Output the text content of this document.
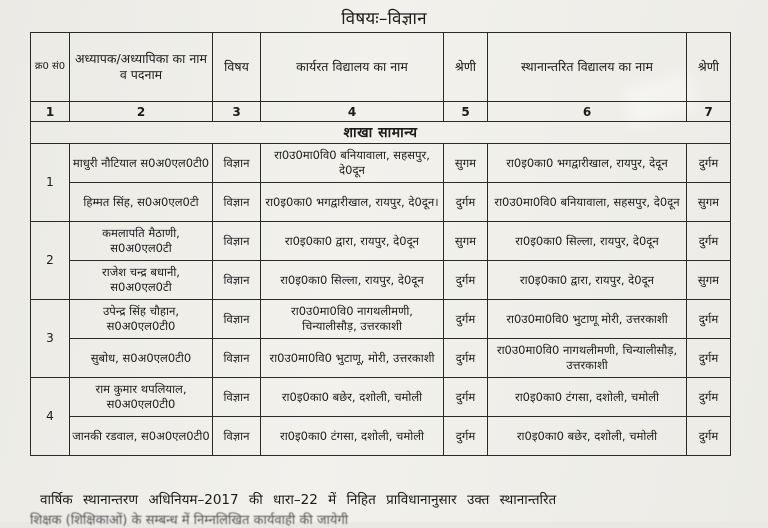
विषयः–विज्ञान
क्र0 सं0	अध्यापक/अध्यापिका का नाम व पदनाम	विषय	कार्यरत विद्यालय का नाम	श्रेणी	स्थानान्तरित विद्यालय का नाम	श्रेणी
1	2	3	4	5	6	7
शाखा सामान्य						
1	माधुरी नौटियाल स0अ0एल0टी0	विज्ञान	रा0उ0मा0वि0 बनियावाला, सहसपुर, दे0दून	सुगम	रा0इ0का0 भगद्वारीखाल, रायपुर, देदून	दुर्गम
	हिम्मत सिंह, स0अ0एल0टी	विज्ञान	रा0इ0का0 भगद्वारीखाल, रायपुर, दे0दून।	दुर्गम	रा0उ0मा0वि0 बनियावाला, सहसपुर, दे0दून	सुगम
2	कमलापति मैठाणी, स0अ0एल0टी	विज्ञान	रा0इ0का0 द्वारा, रायपुर, दे0दून	सुगम	रा0इ0का0 सिल्ला, रायपुर, दे0दून	दुर्गम
	राजेश चन्द्र बधानी, स0अ0एल0टी	विज्ञान	रा0इ0का0 सिल्ला, रायपुर, दे0दून	दुर्गम	रा0इ0का0 द्वारा, रायपुर, दे0दून	सुगम
3	उपेन्द्र सिंह चौहान, स0अ0एल0टी0	विज्ञान	रा0उ0मा0वि0 नागथलीमणी, चिन्यालीसौड़, उत्तरकाशी	दुर्गम	रा0उ0मा0वि0 भुटाणू मोरी, उत्तरकाशी	दुर्गम
	सुबोध, स0अ0एल0टी0	विज्ञान	रा0उ0मा0वि0 भुटाणू, मोरी, उत्तरकाशी	दुर्गम	रा0उ0मा0वि0 नागथलीमणी, चिन्यालीसौड़, उत्तरकाशी	दुर्गम
4	राम कुमार थपलियाल, स0अ0एल0टी0	विज्ञान	रा0इ0का0 बछेर, दशोली, चमोली	दुर्गम	रा0इ0का0 टंगसा, दशोली, चमोली	दुर्गम
	जानकी रडवाल, स0अ0एल0टी0	विज्ञान	रा0इ0का0 टंगसा, दशोली, चमोली	दुर्गम	रा0इ0का0 बछेर, दशोली, चमोली	दुर्गम
वार्षिक स्थानान्तरण अधिनियम–2017 की धारा–22 में निहित प्राविधानानुसार उक्त स्थानान्तरित
शिक्षक (शिक्षिकाओं) के सम्बन्ध में निम्नलिखित कार्यवाही की जायेगी
